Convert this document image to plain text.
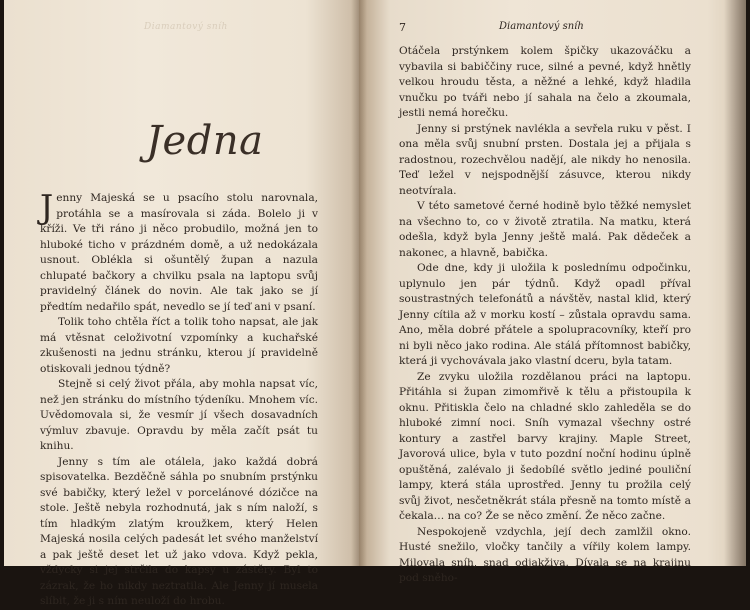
Diamantový sníh
Jedna

Jenny Majeská se u psacího stolu narovnala, protáhla se a masírovala si záda. Bolelo ji v kříži. Ve tři ráno ji něco probudilo, možná jen to hluboké ticho v prázdném domě, a už nedokázala usnout. Oblékla si ošuntělý župan a nazula chlupaté bačkory a chvilku psala na laptopu svůj pravidelný článek do novin. Ale tak jako se jí předtím nedařilo spát, nevedlo se jí teď ani v psaní.

Tolik toho chtěla říct a tolik toho napsat, ale jak má vtěsnat celoživotní vzpomínky a kuchařské zkušenosti na jednu stránku, kterou jí pravidelně otiskovali jednou týdně?

Stejně si celý život přála, aby mohla napsat víc, než jen stránku do místního týdeníku. Mnohem víc. Uvědomovala si, že vesmír jí všech dosavadních výmluv zbavuje. Opravdu by měla začít psát tu knihu.

Jenny s tím ale otálela, jako každá dobrá spisovatelka. Bezděčně sáhla po snubním prstýnku své babičky, který ležel v porcelánové dózičce na stole. Ještě nebyla rozhodnutá, jak s ním naloží, s tím hladkým zlatým kroužkem, který Helen Majeská nosila celých padesát let svého manželství a pak ještě deset let už jako vdova. Když pekla, vždycky si jej strčila do kapsy u zástěry. Byl to zázrak, že ho nikdy neztratila. Ale Jenny jí musela slíbit, že ji s ním neuloží do hrobu.

7	Diamantový sníh

Otáčela prstýnkem kolem špičky ukazováčku a vybavila si babiččiny ruce, silné a pevné, když hnětly velkou hroudu těsta, a něžné a lehké, když hladila vnučku po tváři nebo jí sahala na čelo a zkoumala, jestli nemá horečku.

Jenny si prstýnek navlékla a sevřela ruku v pěst. I ona měla svůj snubní prsten. Dostala jej a přijala s radostnou, rozechvělou nadějí, ale nikdy ho nenosila. Teď ležel v nejspodnější zásuvce, kterou nikdy neotvírala.

V této sametové černé hodině bylo těžké nemyslet na všechno to, co v životě ztratila. Na matku, která odešla, když byla Jenny ještě malá. Pak dědeček a nakonec, a hlavně, babička.

Ode dne, kdy ji uložila k poslednímu odpočinku, uplynulo jen pár týdnů. Když opadl příval soustrastných telefonátů a návštěv, nastal klid, který Jenny cítila až v morku kostí – zůstala opravdu sama. Ano, měla dobré přátele a spolupracovníky, kteří pro ni byli něco jako rodina. Ale stálá přítomnost babičky, která ji vychovávala jako vlastní dceru, byla tatam.

Ze zvyku uložila rozdělanou práci na laptopu. Přitáhla si župan zimomřivě k tělu a přistoupila k oknu. Přitiskla čelo na chladné sklo zahleděla se do hluboké zimní noci. Sníh vymazal všechny ostré kontury a zastřel barvy krajiny. Maple Street, Javorová ulice, byla v tuto pozdní noční hodinu úplně opuštěná, zalévalo ji šedobílé světlo jediné pouliční lampy, která stála uprostřed. Jenny tu prožila celý svůj život, nesčetněkrát stála přesně na tomto místě a čekala… na co? Že se něco změní. Že něco začne.

Nespokojeně vzdychla, její dech zamlžil okno. Husté snežilo, vločky tančily a vířily kolem lampy. Milovala sníh, snad odjakživa. Dívala se na krajinu pod sněho-
